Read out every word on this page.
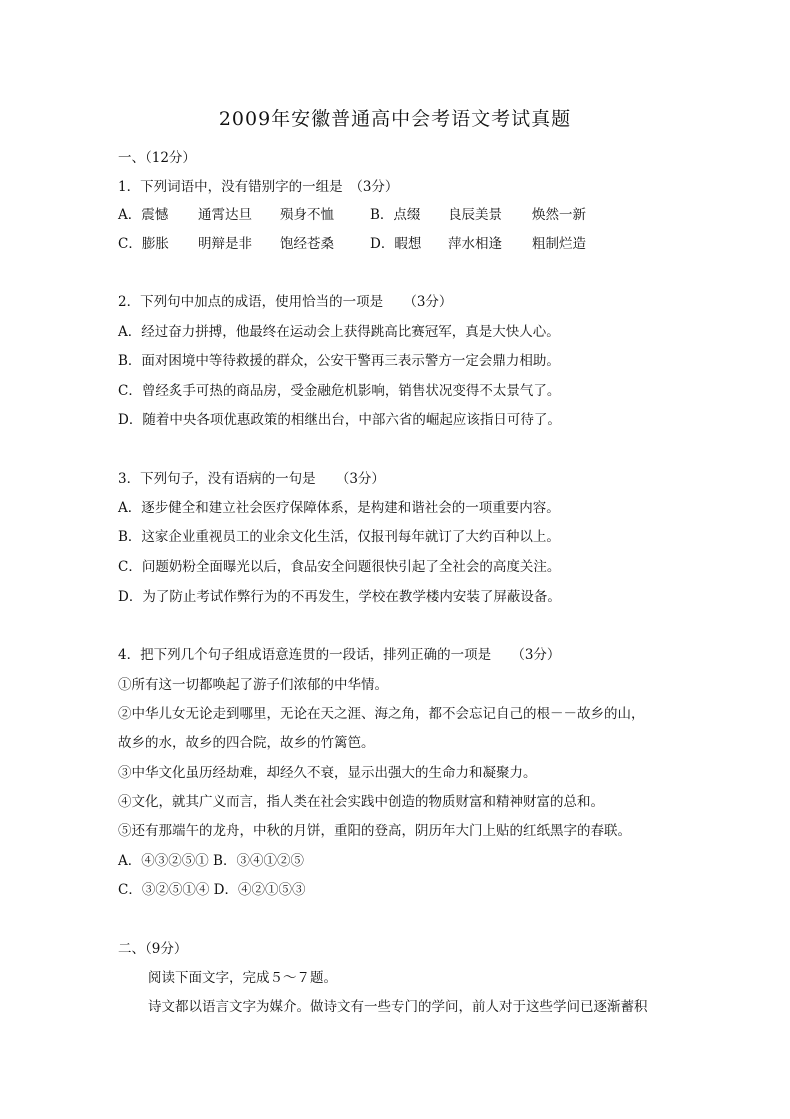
2009年安徽普通高中会考语文考试真题
一、（12分）
1．下列词语中，没有错别字的一组是　（3分）
A．震憾 通霄达旦 殒身不恤	B．点缀 良辰美景 焕然一新
C．膨胀 明辩是非 饱经苍桑	D．暇想 萍水相逢 粗制烂造
2．下列句中加点的成语，使用恰当的一项是　　（3分）
A．经过奋力拼搏，他最终在运动会上获得跳高比赛冠军，真是大快人心。
B．面对困境中等待救援的群众，公安干警再三表示警方一定会鼎力相助。
C．曾经炙手可热的商品房，受金融危机影响，销售状况变得不太景气了。
D．随着中央各项优惠政策的相继出台，中部六省的崛起应该指日可待了。
3．下列句子，没有语病的一句是　　（3分）
A．逐步健全和建立社会医疗保障体系，是构建和谐社会的一项重要内容。
B．这家企业重视员工的业余文化生活，仅报刊每年就订了大约百种以上。
C．问题奶粉全面曝光以后，食品安全问题很快引起了全社会的高度关注。
D．为了防止考试作弊行为的不再发生，学校在教学楼内安装了屏蔽设备。
4．把下列几个句子组成语意连贯的一段话，排列正确的一项是　　（3分）
①所有这一切都唤起了游子们浓郁的中华情。
②中华儿女无论走到哪里，无论在天之涯、海之角，都不会忘记自己的根－－故乡的山，
故乡的水，故乡的四合院，故乡的竹篱笆。
③中华文化虽历经劫难，却经久不衰，显示出强大的生命力和凝聚力。
④文化，就其广义而言，指人类在社会实践中创造的物质财富和精神财富的总和。
⑤还有那端午的龙舟，中秋的月饼，重阳的登高，阴历年大门上贴的红纸黑字的春联。
A．④③②⑤① B．③④①②⑤
C．③②⑤①④ D．④②①⑤③
二、（9分）
阅读下面文字，完成５～７题。
诗文都以语言文字为媒介。做诗文有一些专门的学问，前人对于这些学问已逐渐蓄积
